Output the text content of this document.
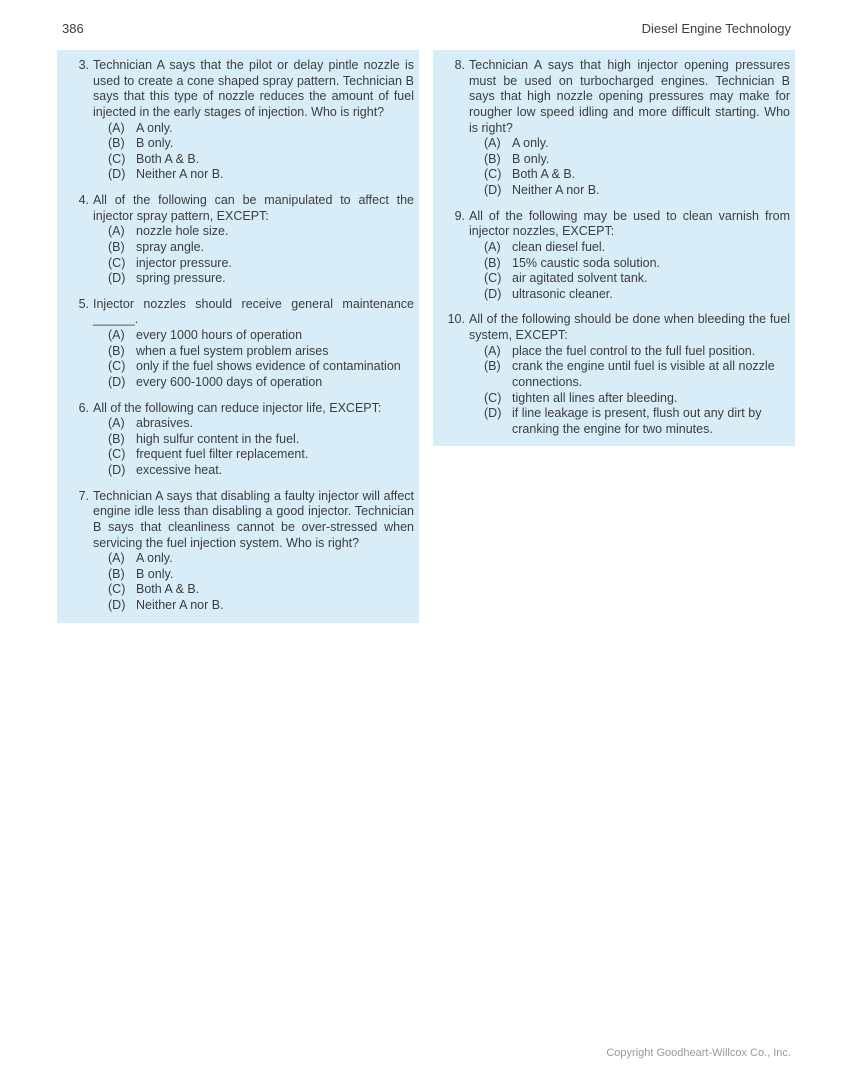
386	Diesel Engine Technology
3. Technician A says that the pilot or delay pintle nozzle is used to create a cone shaped spray pattern. Technician B says that this type of nozzle reduces the amount of fuel injected in the early stages of injection. Who is right?

(A) A only.
(B) B only.
(C) Both A & B.
(D) Neither A nor B.
4. All of the following can be manipulated to affect the injector spray pattern, EXCEPT:

(A) nozzle hole size.
(B) spray angle.
(C) injector pressure.
(D) spring pressure.
5. Injector nozzles should receive general maintenance ______.

(A) every 1000 hours of operation
(B) when a fuel system problem arises
(C) only if the fuel shows evidence of contamination
(D) every 600-1000 days of operation
6. All of the following can reduce injector life, EXCEPT:

(A) abrasives.
(B) high sulfur content in the fuel.
(C) frequent fuel filter replacement.
(D) excessive heat.
7. Technician A says that disabling a faulty injector will affect engine idle less than disabling a good injector. Technician B says that cleanliness cannot be over-stressed when servicing the fuel injection system. Who is right?

(A) A only.
(B) B only.
(C) Both A & B.
(D) Neither A nor B.
8. Technician A says that high injector opening pressures must be used on turbocharged engines. Technician B says that high nozzle opening pressures may make for rougher low speed idling and more difficult starting. Who is right?

(A) A only.
(B) B only.
(C) Both A & B.
(D) Neither A nor B.
9. All of the following may be used to clean varnish from injector nozzles, EXCEPT:

(A) clean diesel fuel.
(B) 15% caustic soda solution.
(C) air agitated solvent tank.
(D) ultrasonic cleaner.
10. All of the following should be done when bleeding the fuel system, EXCEPT:

(A) place the fuel control to the full fuel position.
(B) crank the engine until fuel is visible at all nozzle connections.
(C) tighten all lines after bleeding.
(D) if line leakage is present, flush out any dirt by cranking the engine for two minutes.
Copyright Goodheart-Willcox Co., Inc.
